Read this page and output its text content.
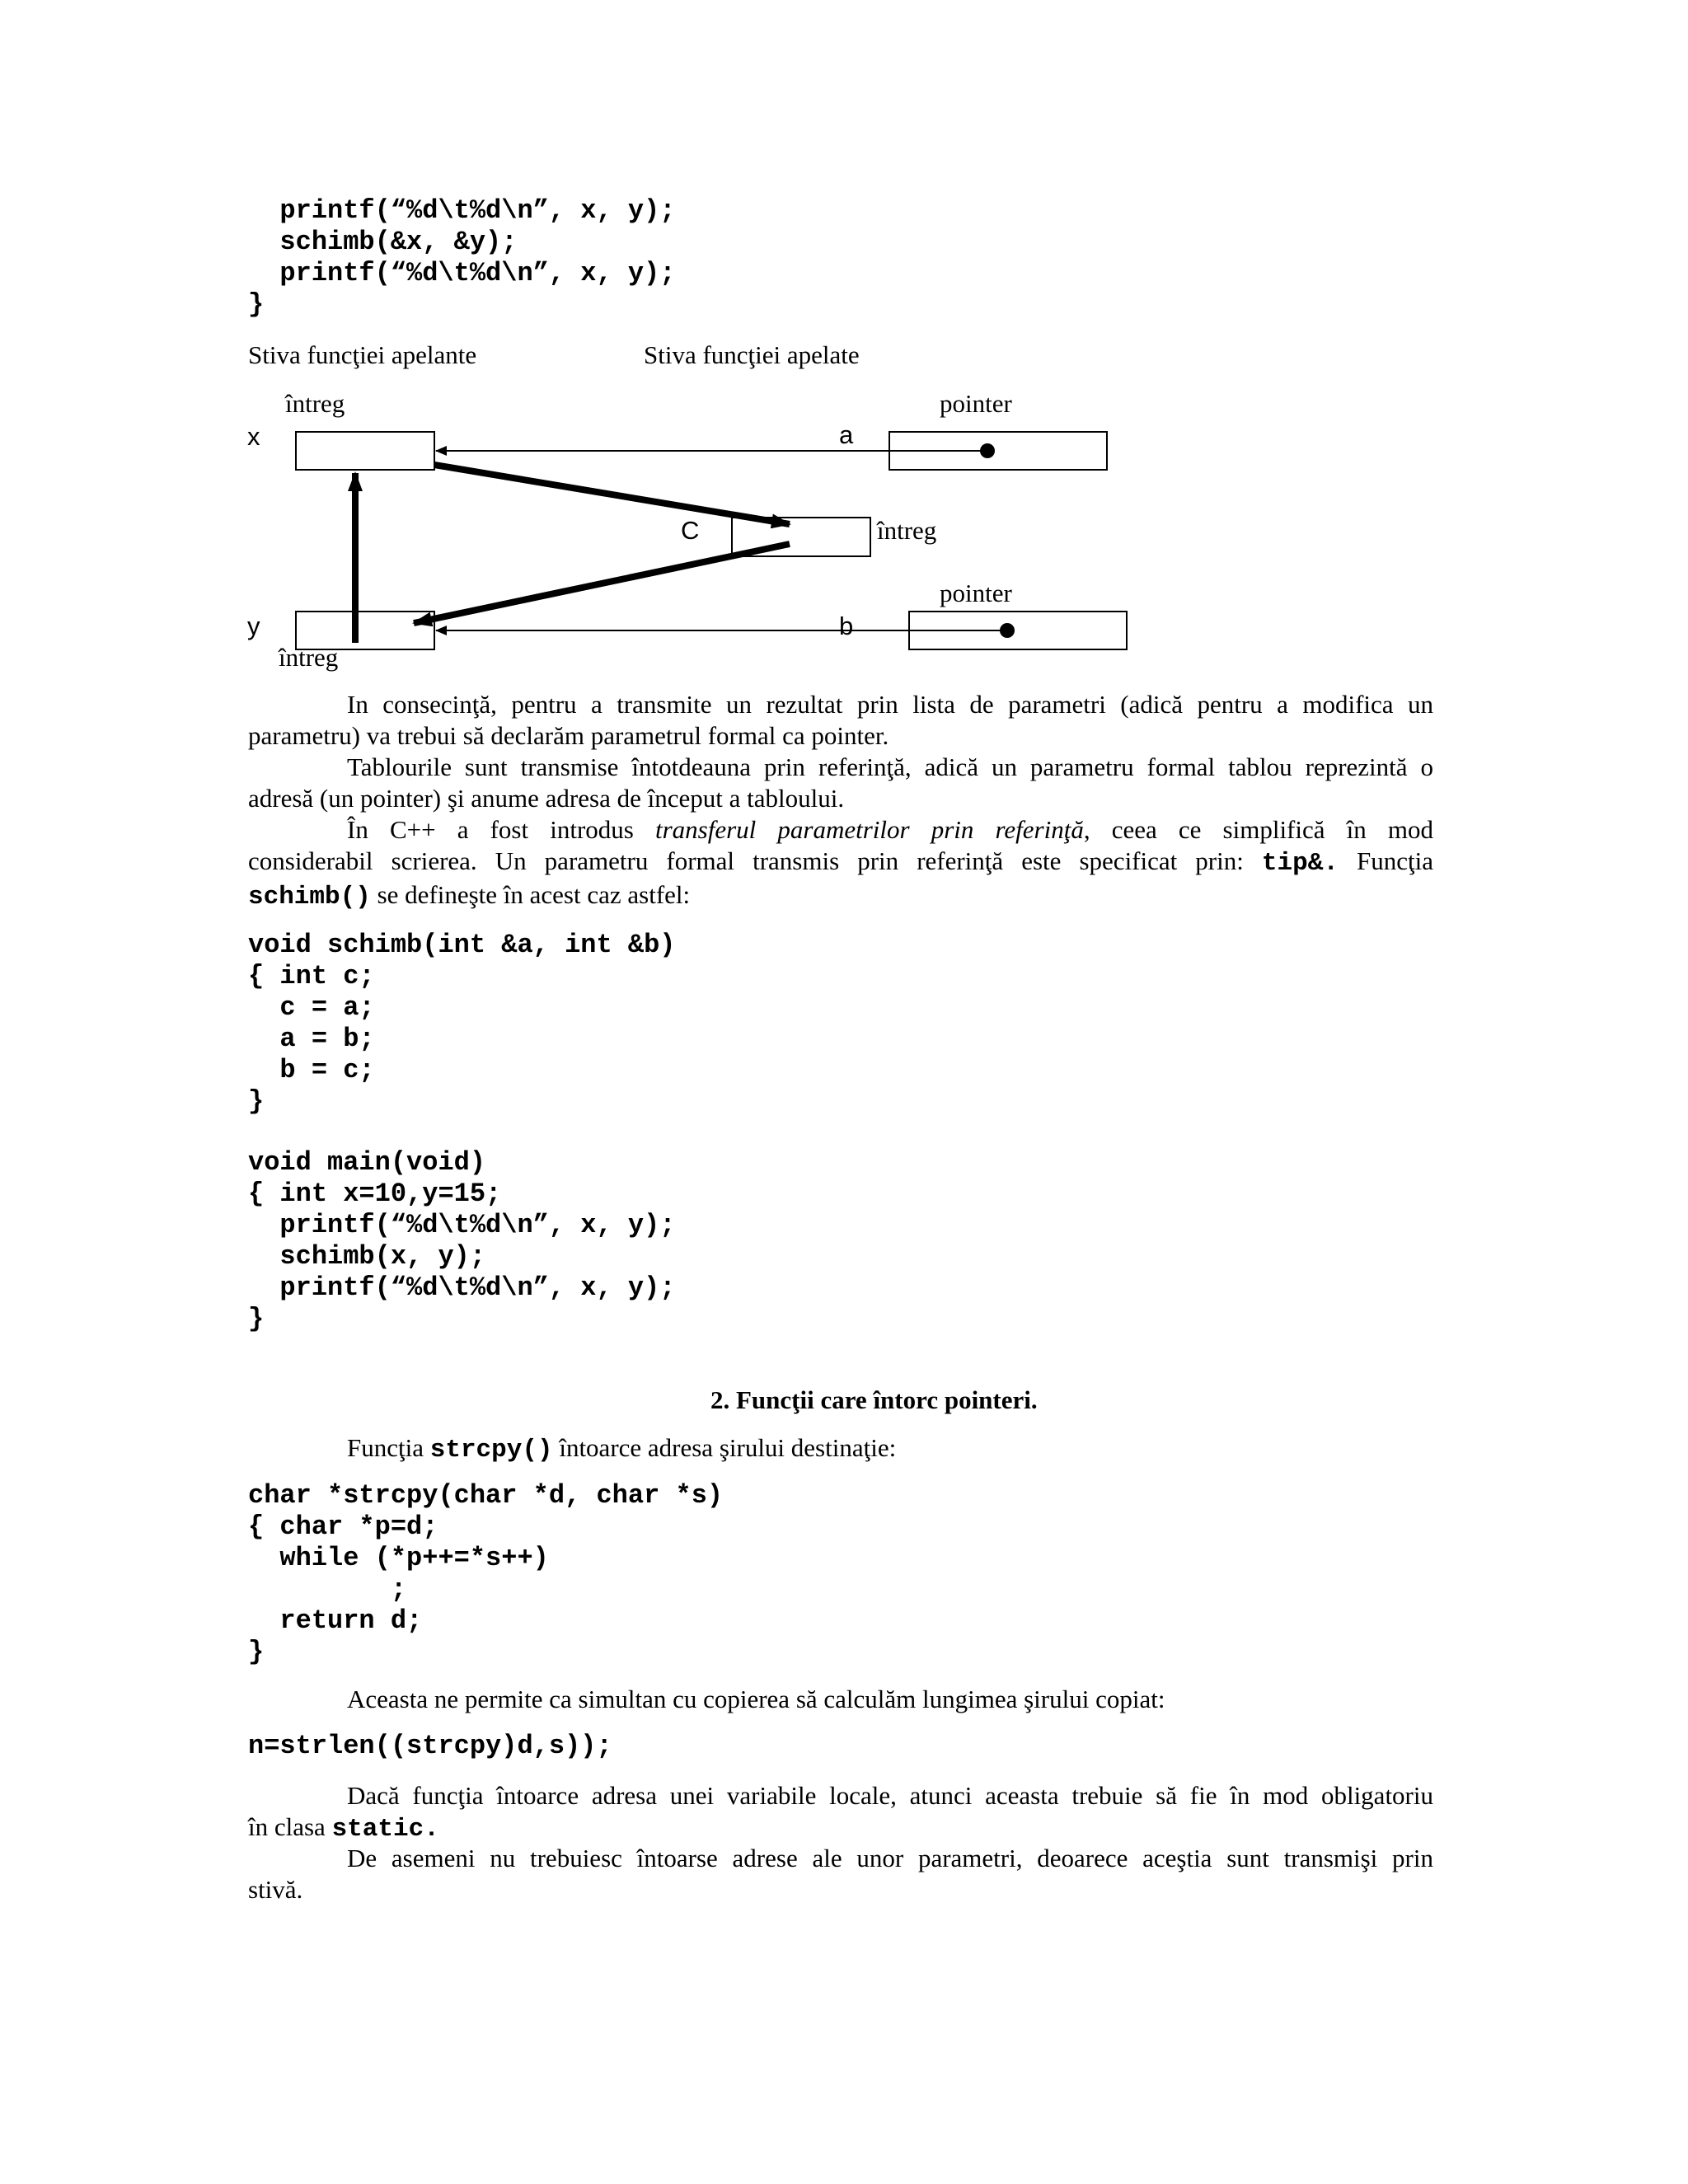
printf(“%d\t%d\n”, x, y);
schimb(&x, &y);
printf(“%d\t%d\n”, x, y);
}
Stiva funcţiei apelante	Stiva funcţiei apelate
întreg
x	a
pointer
C	întreg
pointer
y
întreg
b
In consecinţă, pentru a transmite un rezultat prin lista de parametri (adică pentru a modifica un
parametru) va trebui să declarăm parametrul formal ca pointer.
Tablourile sunt transmise întotdeauna prin referinţă, adică un parametru formal tablou reprezintă o
adresă (un pointer) şi anume adresa de început a tabloului.
În C++ a fost introdus transferul parametrilor prin referinţă, ceea ce simplifică în mod
considerabil scrierea. Un parametru formal transmis prin referinţă este specificat prin: tip&. Funcţia
schimb() se defineşte în acest caz astfel:
void schimb(int &a, int &b)
{ int c;
c = a;
a = b;
b = c;
}
void main(void)
{ int x=10,y=15;
printf(“%d\t%d\n”, x, y);
schimb(x, y);
printf(“%d\t%d\n”, x, y);
}
2. Funcţii care întorc pointeri.
Funcţia strcpy() întoarce adresa şirului destinaţie:
char *strcpy(char *d, char *s)
{ char *p=d;
while (*p++=*s++)
;
return d;
}
Aceasta ne permite ca simultan cu copierea să calculăm lungimea şirului copiat:
n=strlen((strcpy)d,s));
Dacă funcţia întoarce adresa unei variabile locale, atunci aceasta trebuie să fie în mod obligatoriu
în clasa static.
De asemeni nu trebuiesc întoarse adrese ale unor parametri, deoarece aceştia sunt transmişi prin
stivă.
